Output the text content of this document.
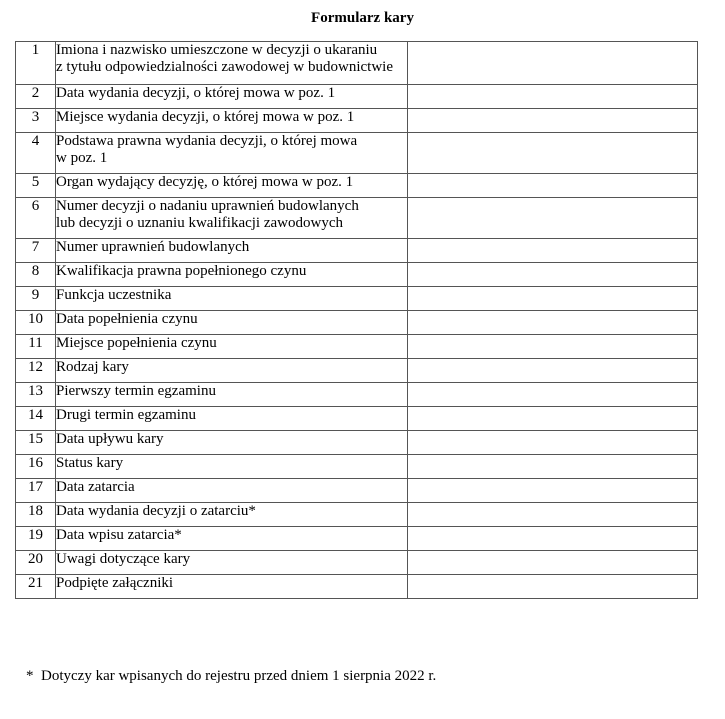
Formularz kary
1	Imiona i nazwisko umieszczone w decyzji o ukaraniu
z tytułu odpowiedzialności zawodowej w budownictwie	
2	Data wydania decyzji, o której mowa w poz. 1	
3	Miejsce wydania decyzji, o której mowa w poz. 1	
4	Podstawa prawna wydania decyzji, o której mowa
w poz. 1	
5	Organ wydający decyzję, o której mowa w poz. 1	
6	Numer decyzji o nadaniu uprawnień budowlanych
lub decyzji o uznaniu kwalifikacji zawodowych	
7	Numer uprawnień budowlanych	
8	Kwalifikacja prawna popełnionego czynu	
9	Funkcja uczestnika	
10	Data popełnienia czynu	
11	Miejsce popełnienia czynu	
12	Rodzaj kary	
13	Pierwszy termin egzaminu	
14	Drugi termin egzaminu	
15	Data upływu kary	
16	Status kary	
17	Data zatarcia	
18	Data wydania decyzji o zatarciu*	
19	Data wpisu zatarcia*	
20	Uwagi dotyczące kary	
21	Podpięte załączniki	
*  Dotyczy kar wpisanych do rejestru przed dniem 1 sierpnia 2022 r.
